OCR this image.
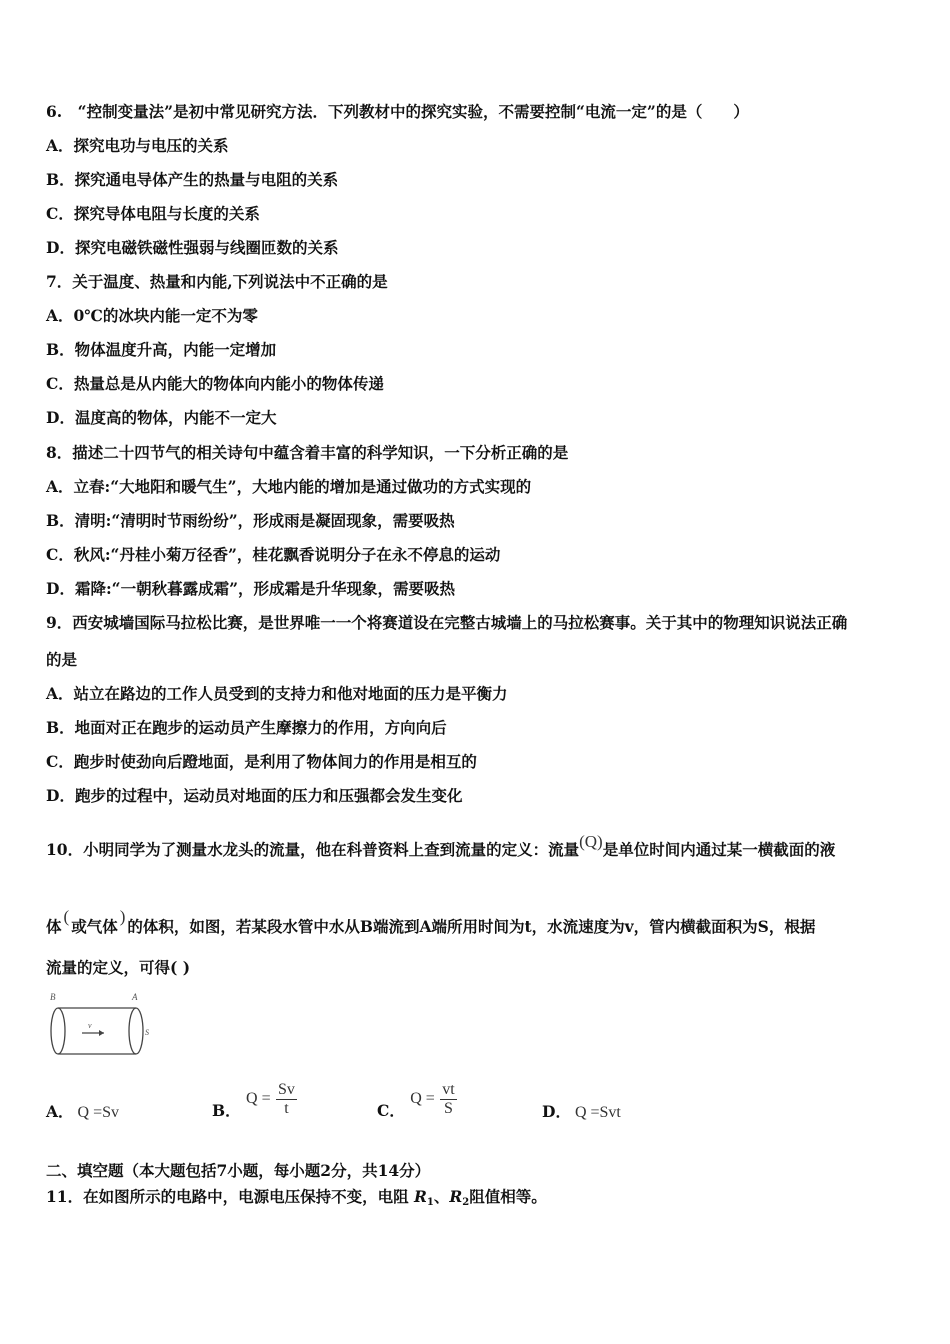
6.　“控制变量法”是初中常见研究方法．下列教材中的探究实验，不需要控制“电流一定”的是（　　）
A．探究电功与电压的关系
B．探究通电导体产生的热量与电阻的关系
C．探究导体电阻与长度的关系
D．探究电磁铁磁性强弱与线圈匝数的关系
7．关于温度、热量和内能,下列说法中不正确的是
A．0℃的冰块内能一定不为零
B．物体温度升高，内能一定增加
C．热量总是从内能大的物体向内能小的物体传递
D．温度高的物体，内能不一定大
8．描述二十四节气的相关诗句中蕴含着丰富的科学知识，一下分析正确的是
A．立春:“大地阳和暖气生”，大地内能的增加是通过做功的方式实现的
B．清明:“清明时节雨纷纷”，形成雨是凝固现象，需要吸热
C．秋风:“丹桂小菊万径香”，桂花飘香说明分子在永不停息的运动
D．霜降:“一朝秋暮露成霜”，形成霜是升华现象，需要吸热
9．西安城墙国际马拉松比赛，是世界唯一一个将赛道设在完整古城墙上的马拉松赛事。关于其中的物理知识说法正确
的是
A．站立在路边的工作人员受到的支持力和他对地面的压力是平衡力
B．地面对正在跑步的运动员产生摩擦力的作用，方向向后
C．跑步时使劲向后蹬地面，是利用了物体间力的作用是相互的
D．跑步的过程中，运动员对地面的压力和压强都会发生变化
10．小明同学为了测量水龙头的流量，他在科普资料上查到流量的定义：流量(Q)是单位时间内通过某一横截面的液
体(或气体)的体积，如图，若某段水管中水从B端流到A端所用时间为t，水流速度为v，管内横截面积为S，根据
流量的定义，可得( )
B	A
v
S
A． Q =Sv	B． $Q = \frac{Sv}{t}$	C． $Q = \frac{vt}{S}$	D． Q =Svt
二、填空题（本大题包括7小题，每小题2分，共14分）
11．在如图所示的电路中，电源电压保持不变，电阻 $R_1$、$R_2$阻值相等。
